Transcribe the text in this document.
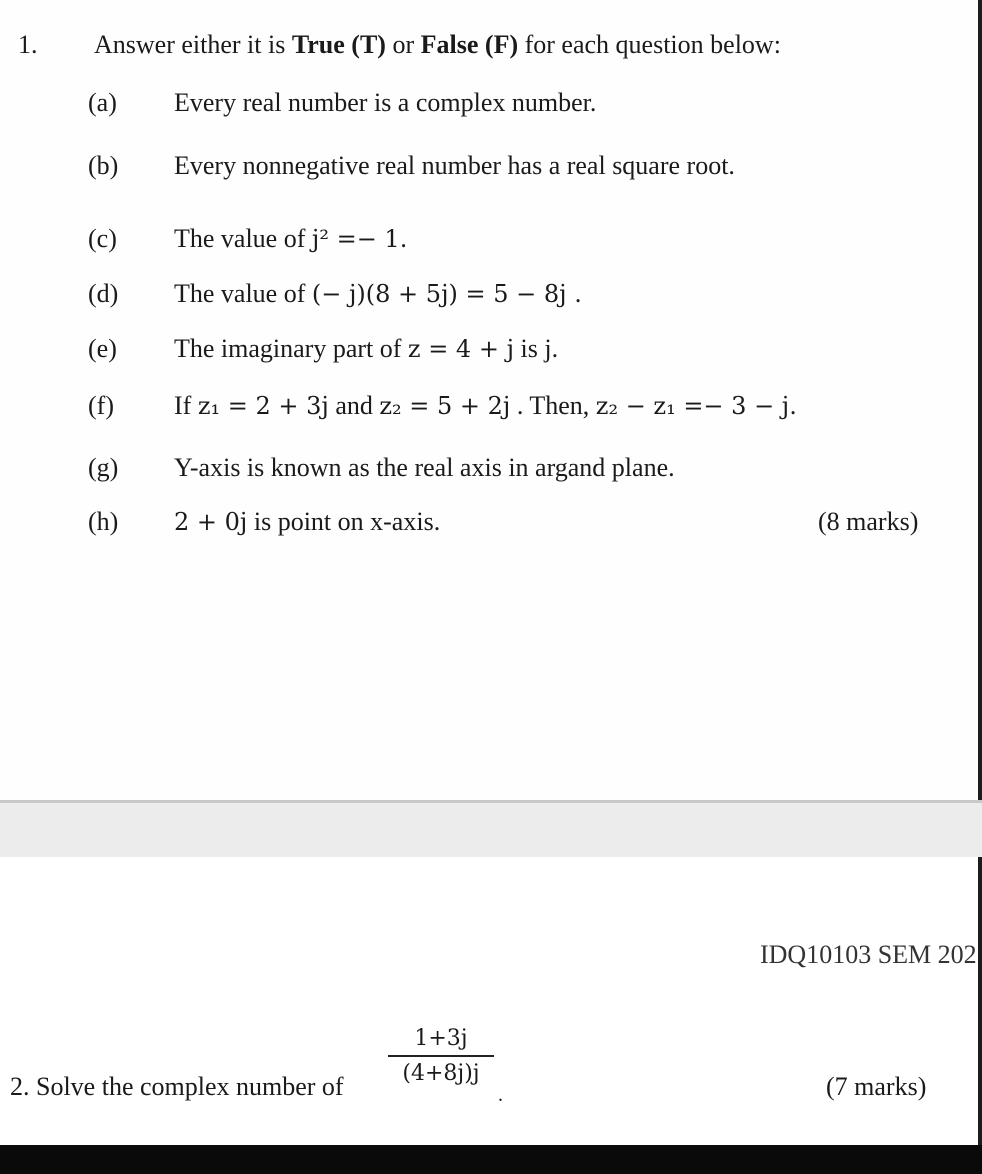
1. Answer either it is True (T) or False (F) for each question below:
(a)	Every real number is a complex number.
(b)	Every nonnegative real number has a real square root.
(c)	The value of j² =− 1.
(d)	The value of (− j)(8 + 5j) = 5 − 8j .
(e)	The imaginary part of z = 4 + j is j.
(f)	If z₁ = 2 + 3j and z₂ = 5 + 2j . Then, z₂ − z₁ =− 3 − j.
(g)	Y-axis is known as the real axis in argand plane.
(h)	2 + 0j is point on x-axis.	(8 marks)
IDQ10103 SEM 202
2. Solve the complex number of
1+3j
(4+8j)j
.	(7 marks)
